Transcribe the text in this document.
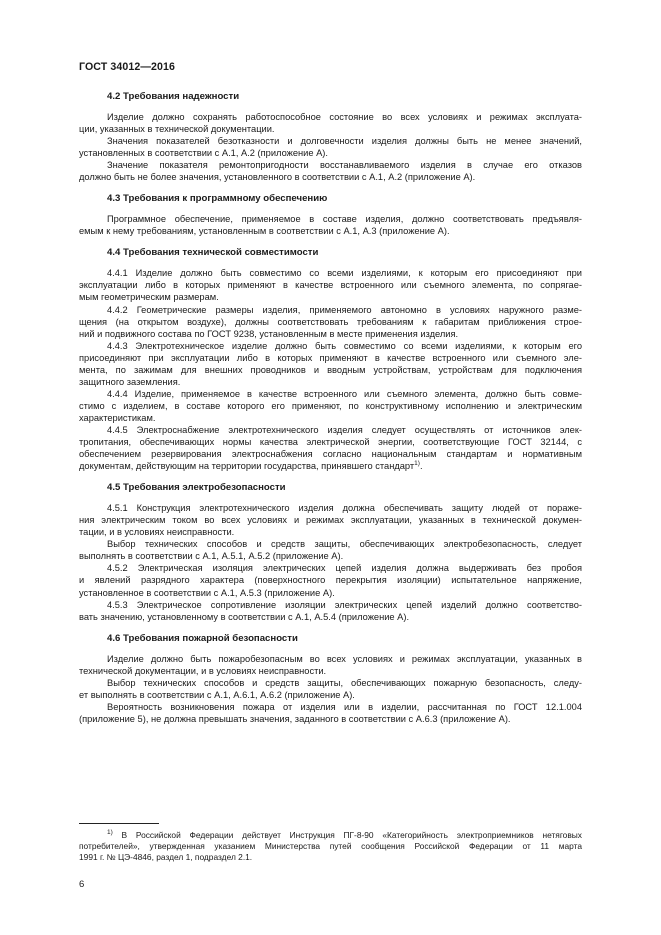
ГОСТ 34012—2016
4.2 Требования надежности
Изделие должно сохранять работоспособное состояние во всех условиях и режимах эксплуата-
ции, указанных в технической документации.
Значения показателей безотказности и долговечности изделия должны быть не менее значений,
установленных в соответствии с А.1, А.2 (приложение А).
Значение показателя ремонтопригодности восстанавливаемого изделия в случае его отказов
должно быть не более значения, установленного в соответствии с А.1, А.2 (приложение А).
4.3 Требования к программному обеспечению
Программное обеспечение, применяемое в составе изделия, должно соответствовать предъявля-
емым к нему требованиям, установленным в соответствии с А.1, А.3 (приложение А).
4.4 Требования технической совместимости
4.4.1 Изделие должно быть совместимо со всеми изделиями, к которым его присоединяют при
эксплуатации либо в которых применяют в качестве встроенного или съемного элемента, по сопрягае-
мым геометрическим размерам.
4.4.2 Геометрические размеры изделия, применяемого автономно в условиях наружного разме-
щения (на открытом воздухе), должны соответствовать требованиям к габаритам приближения строе-
ний и подвижного состава по ГОСТ 9238, установленным в месте применения изделия.
4.4.3 Электротехническое изделие должно быть совместимо со всеми изделиями, к которым его
присоединяют при эксплуатации либо в которых применяют в качестве встроенного или съемного эле-
мента, по зажимам для внешних проводников и вводным устройствам, устройствам для подключения
защитного заземления.
4.4.4 Изделие, применяемое в качестве встроенного или съемного элемента, должно быть совме-
стимо с изделием, в составе которого его применяют, по конструктивному исполнению и электрическим
характеристикам.
4.4.5 Электроснабжение электротехнического изделия следует осуществлять от источников элек-
тропитания, обеспечивающих нормы качества электрической энергии, соответствующие ГОСТ 32144, с
обеспечением резервирования электроснабжения согласно национальным стандартам и нормативным
документам, действующим на территории государства, принявшего стандарт$^{1)}$.
4.5 Требования электробезопасности
4.5.1 Конструкция электротехнического изделия должна обеспечивать защиту людей от пораже-
ния электрическим током во всех условиях и режимах эксплуатации, указанных в технической докумен-
тации, и в условиях неисправности.
Выбор технических способов и средств защиты, обеспечивающих электробезопасность, следует
выполнять в соответствии с А.1, А.5.1, А.5.2 (приложение А).
4.5.2 Электрическая изоляция электрических цепей изделия должна выдерживать без пробоя
и явлений разрядного характера (поверхностного перекрытия изоляции) испытательное напряжение,
установленное в соответствии с А.1, А.5.3 (приложение А).
4.5.3 Электрическое сопротивление изоляции электрических цепей изделий должно соответство-
вать значению, установленному в соответствии с А.1, А.5.4 (приложение А).
4.6 Требования пожарной безопасности
Изделие должно быть пожаробезопасным во всех условиях и режимах эксплуатации, указанных в
технической документации, и в условиях неисправности.
Выбор технических способов и средств защиты, обеспечивающих пожарную безопасность, следу-
ет выполнять в соответствии с А.1, А.6.1, А.6.2 (приложение А).
Вероятность возникновения пожара от изделия или в изделии, рассчитанная по ГОСТ 12.1.004
(приложение 5), не должна превышать значения, заданного в соответствии с А.6.3 (приложение А).
$^{1)}$ В Российской Федерации действует Инструкция ПГ-8-90 «Категорийность электроприемников нетяговых
потребителей», утвержденная указанием Министерства путей сообщения Российской Федерации от 11 марта
1991 г. № ЦЭ-4846, раздел 1, подраздел 2.1.
6
